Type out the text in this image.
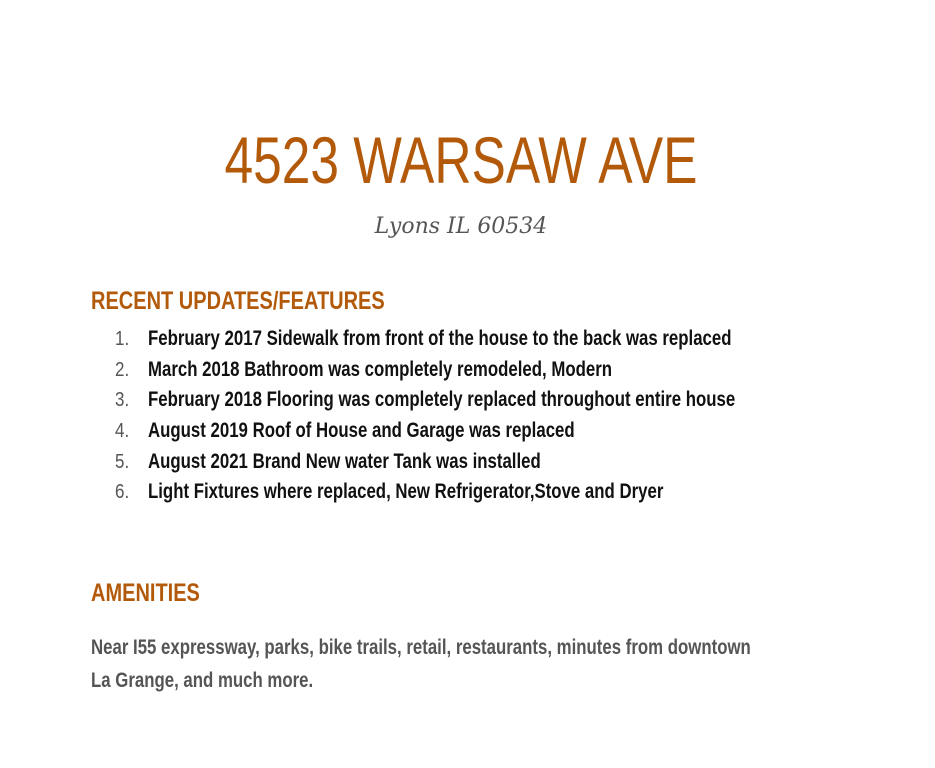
4523 WARSAW AVE
Lyons IL 60534
RECENT UPDATES/FEATURES
1. February 2017 Sidewalk from front of the house to the back was replaced
2. March 2018 Bathroom was completely remodeled, Modern
3. February 2018 Flooring was completely replaced throughout entire house
4. August 2019 Roof of House and Garage was replaced
5. August 2021 Brand New water Tank was installed
6. Light Fixtures where replaced, New Refrigerator,Stove and Dryer
AMENITIES
Near I55 expressway, parks, bike trails, retail, restaurants, minutes from downtown
La Grange, and much more.
